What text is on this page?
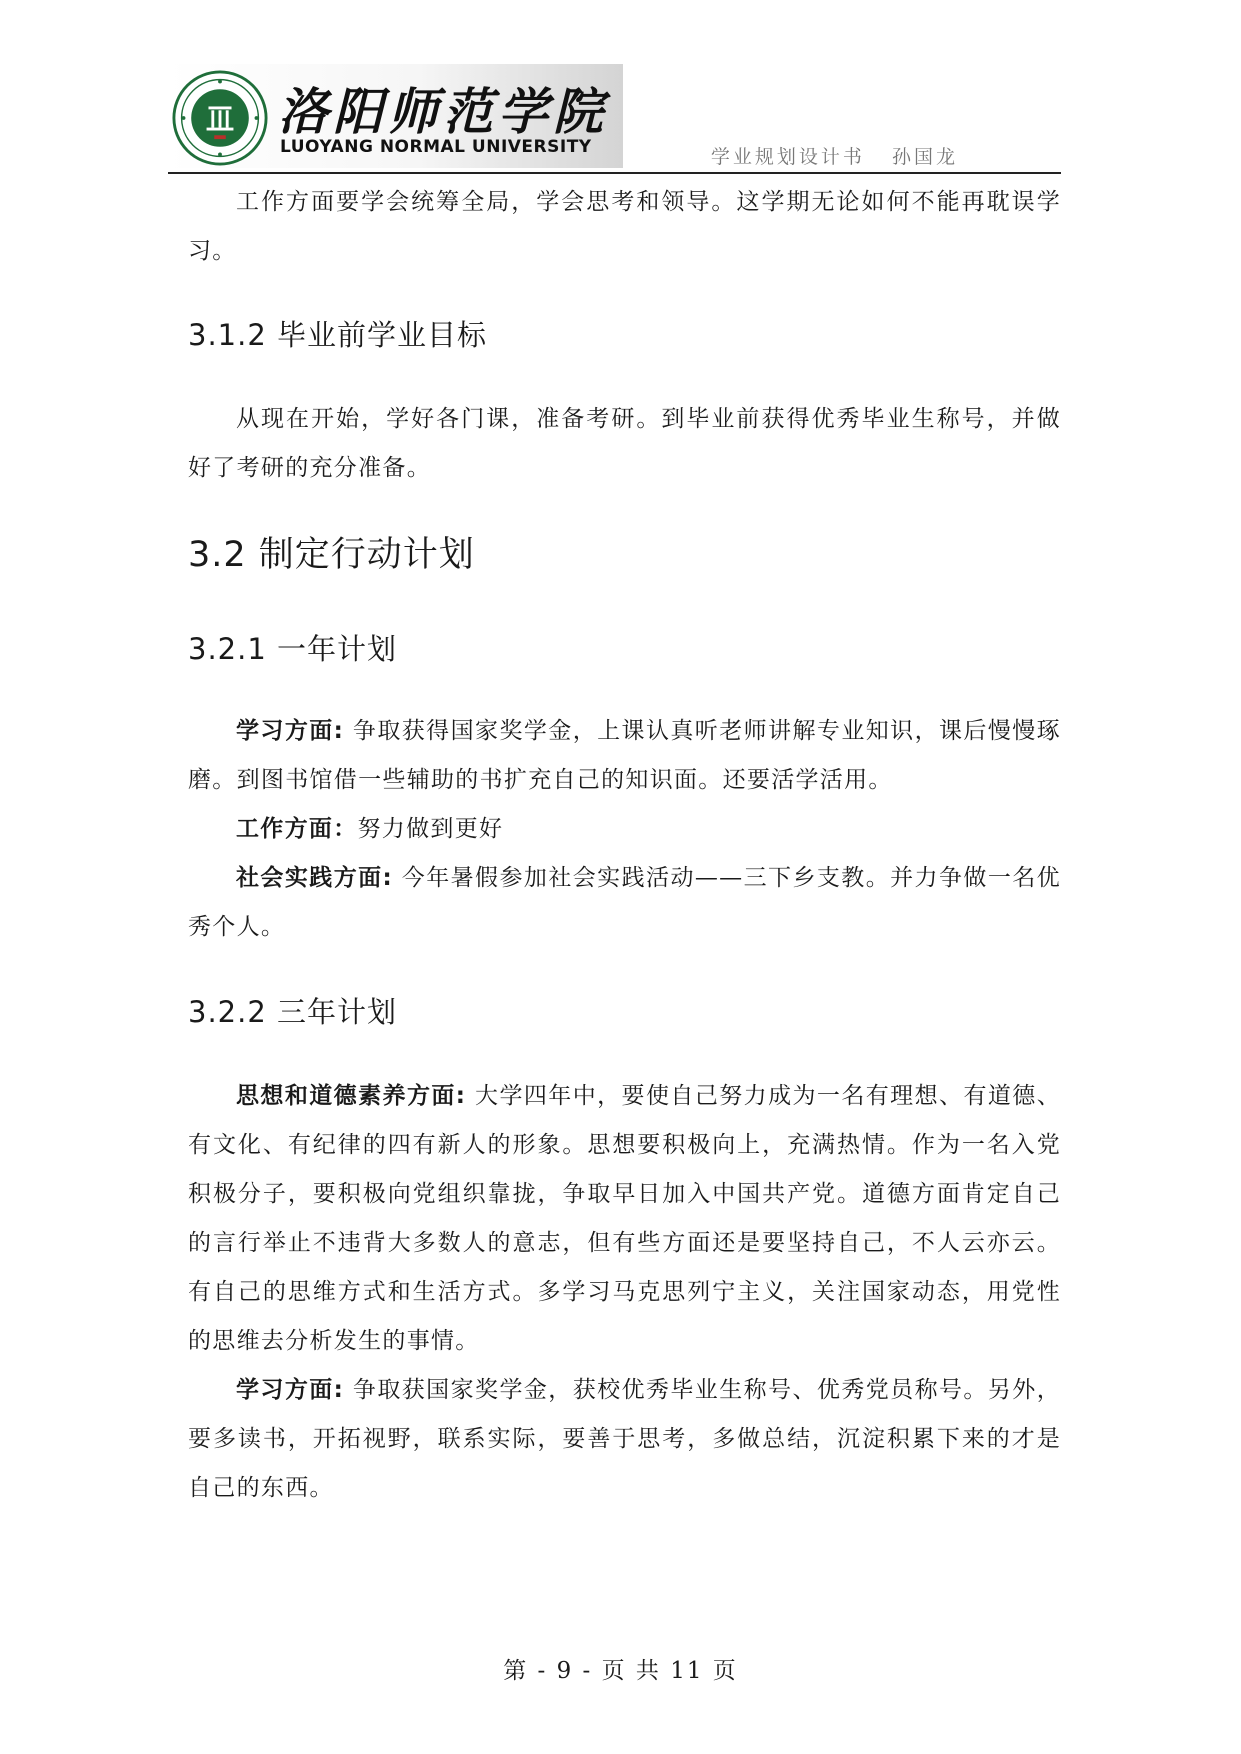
洛阳师范学院
LUOYANG NORMAL UNIVERSITY	学业规划设计书 孙国龙

工作方面要学会统筹全局，学会思考和领导。这学期无论如何不能再耽误学习。

3.1.2 毕业前学业目标

从现在开始，学好各门课，准备考研。到毕业前获得优秀毕业生称号，并做好了考研的充分准备。

3.2 制定行动计划
3.2.1 一年计划

学习方面: 争取获得国家奖学金，上课认真听老师讲解专业知识，课后慢慢琢磨。到图书馆借一些辅助的书扩充自己的知识面。还要活学活用。

工作方面：努力做到更好

社会实践方面: 今年暑假参加社会实践活动——三下乡支教。并力争做一名优秀个人。

3.2.2 三年计划

思想和道德素养方面: 大学四年中，要使自己努力成为一名有理想、有道德、有文化、有纪律的四有新人的形象。思想要积极向上，充满热情。作为一名入党积极分子，要积极向党组织靠拢，争取早日加入中国共产党。道德方面肯定自己的言行举止不违背大多数人的意志，但有些方面还是要坚持自己，不人云亦云。有自己的思维方式和生活方式。多学习马克思列宁主义，关注国家动态，用党性的思维去分析发生的事情。

学习方面: 争取获国家奖学金，获校优秀毕业生称号、优秀党员称号。另外，要多读书，开拓视野，联系实际，要善于思考，多做总结，沉淀积累下来的才是自己的东西。

第 - 9 - 页 共 11 页
